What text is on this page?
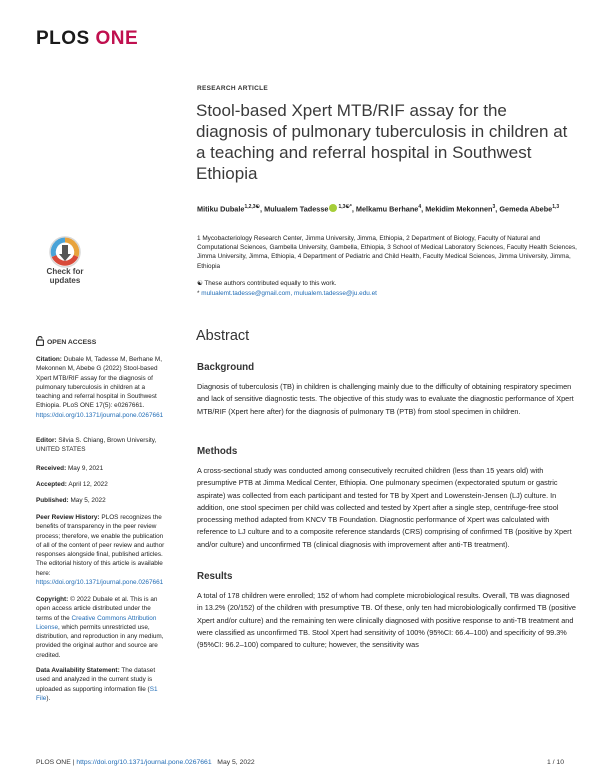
PLOS ONE
RESEARCH ARTICLE
Stool-based Xpert MTB/RIF assay for the diagnosis of pulmonary tuberculosis in children at a teaching and referral hospital in Southwest Ethiopia
Mitiku Dubale$^{1,2,3☯}$, Mulualem Tadesse $^{1,3☯*}$, Melkamu Berhane$^4$, Mekidim Mekonnen$^3$, Gemeda Abebe$^{1,3}$
1 Mycobacteriology Research Center, Jimma University, Jimma, Ethiopia, 2 Department of Biology, Faculty of Natural and Computational Sciences, Gambella University, Gambella, Ethiopia, 3 School of Medical Laboratory Sciences, Faculty Health Sciences, Jimma University, Jimma, Ethiopia, 4 Department of Pediatric and Child Health, Faculty Medical Sciences, Jimma University, Jimma, Ethiopia
☯ These authors contributed equally to this work.
* mulualemt.tadesse@gmail.com, mulualem.tadesse@ju.edu.et
Check for
updates
OPEN ACCESS
Citation: Dubale M, Tadesse M, Berhane M, Mekonnen M, Abebe G (2022) Stool-based Xpert MTB/RIF assay for the diagnosis of pulmonary tuberculosis in children at a teaching and referral hospital in Southwest Ethiopia. PLoS ONE 17(5): e0267661. https://doi.org/10.1371/journal.pone.0267661
Editor: Silvia S. Chiang, Brown University, UNITED STATES
Received: May 9, 2021
Accepted: April 12, 2022
Published: May 5, 2022
Peer Review History: PLOS recognizes the benefits of transparency in the peer review process; therefore, we enable the publication of all of the content of peer review and author responses alongside final, published articles. The editorial history of this article is available here: https://doi.org/10.1371/journal.pone.0267661
Copyright: © 2022 Dubale et al. This is an open access article distributed under the terms of the Creative Commons Attribution License, which permits unrestricted use, distribution, and reproduction in any medium, provided the original author and source are credited.
Data Availability Statement: The dataset used and analyzed in the current study is uploaded as supporting information file (S1 File).
Abstract
Background
Diagnosis of tuberculosis (TB) in children is challenging mainly due to the difficulty of obtaining respiratory specimen and lack of sensitive diagnostic tests. The objective of this study was to evaluate the diagnostic performance of Xpert MTB/RIF (Xpert here after) for the diagnosis of pulmonary TB (PTB) from stool specimen in children.
Methods
A cross-sectional study was conducted among consecutively recruited children (less than 15 years old) with presumptive PTB at Jimma Medical Center, Ethiopia. One pulmonary specimen (expectorated sputum or gastric aspirate) was collected from each participant and tested for TB by Xpert and Lowenstein-Jensen (LJ) culture. In addition, one stool specimen per child was collected and tested by Xpert after a single step, centrifuge-free stool processing method adapted from KNCV TB Foundation. Diagnostic performance of Xpert was calculated with reference to LJ culture and to a composite reference standards (CRS) comprising of confirmed TB (positive by Xpert and/or culture) and unconfirmed TB (clinical diagnosis with improvement after anti-TB treatment).
Results
A total of 178 children were enrolled; 152 of whom had complete microbiological results. Overall, TB was diagnosed in 13.2% (20/152) of the children with presumptive TB. Of these, only ten had microbiologically confirmed TB (positive Xpert and/or culture) and the remaining ten were clinically diagnosed with positive response to anti-TB treatment and were classified as unconfirmed TB. Stool Xpert had sensitivity of 100% (95%CI: 66.4–100) and specificity of 99.3% (95%CI: 96.2–100) compared to culture; however, the sensitivity was
PLOS ONE | https://doi.org/10.1371/journal.pone.0267661 May 5, 2022	1 / 10
